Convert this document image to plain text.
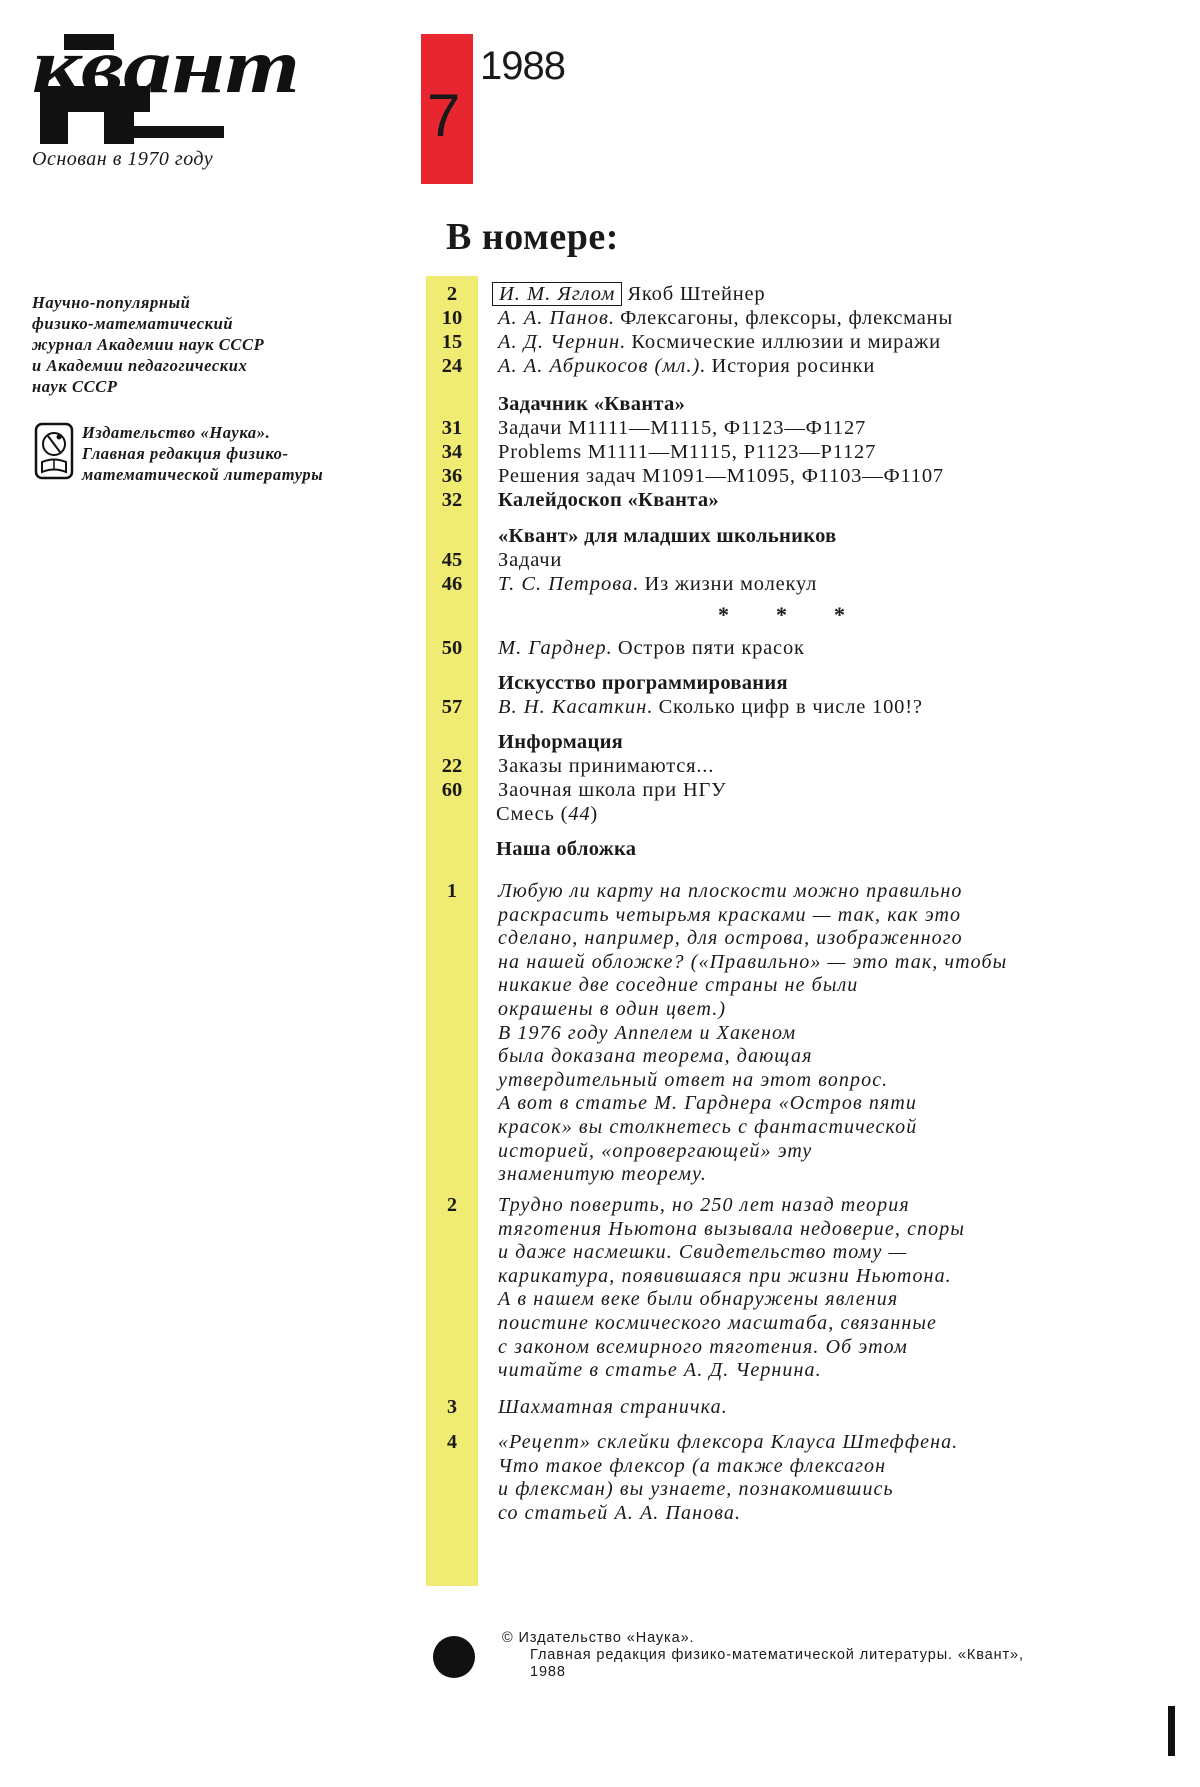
квант
Основан в 1970 году
7
1988
В номере:
Научно-популярный
физико-математический
журнал Академии наук СССР
и Академии педагогических
наук СССР
Издательство «Наука».
Главная редакция физико-
математической литературы
2	И. М. Яглом Якоб Штейнер
10	А. А. Панов. Флексагоны, флексоры, флексманы
15	А. Д. Чернин. Космические иллюзии и миражи
24	А. А. Абрикосов (мл.). История росинки
Задачник «Кванта»
31	Задачи М1111—М1115, Ф1123—Ф1127
34	Problems M1111—M1115, P1123—P1127
36	Решения задач М1091—М1095, Ф1103—Ф1107
32	Калейдоскоп «Кванта»
«Квант» для младших школьников
45	Задачи
46	Т. С. Петрова. Из жизни молекул
* * *
50	М. Гарднер. Остров пяти красок
Искусство программирования
57	В. Н. Касаткин. Сколько цифр в числе 100!?
Информация
22	Заказы принимаются...
60	Заочная школа при НГУ
Смесь (44)
Наша обложка
1	Любую ли карту на плоскости можно правильно
раскрасить четырьмя красками — так, как это
сделано, например, для острова, изображенного
на нашей обложке? («Правильно» — это так, чтобы
никакие две соседние страны не были
окрашены в один цвет.)
В 1976 году Аппелем и Хакеном
была доказана теорема, дающая
утвердительный ответ на этот вопрос.
А вот в статье М. Гарднера «Остров пяти
красок» вы столкнетесь с фантастической
историей, «опровергающей» эту
знаменитую теорему.
2	Трудно поверить, но 250 лет назад теория
тяготения Ньютона вызывала недоверие, споры
и даже насмешки. Свидетельство тому —
карикатура, появившаяся при жизни Ньютона.
А в нашем веке были обнаружены явления
поистине космического масштаба, связанные
с законом всемирного тяготения. Об этом
читайте в статье А. Д. Чернина.
3	Шахматная страничка.
4	«Рецепт» склейки флексора Клауса Штеффена.
Что такое флексор (а также флексагон
и флексман) вы узнаете, познакомившись
со статьей А. А. Панова.
© Издательство «Наука».
Главная редакция физико-математической литературы. «Квант»,
1988
